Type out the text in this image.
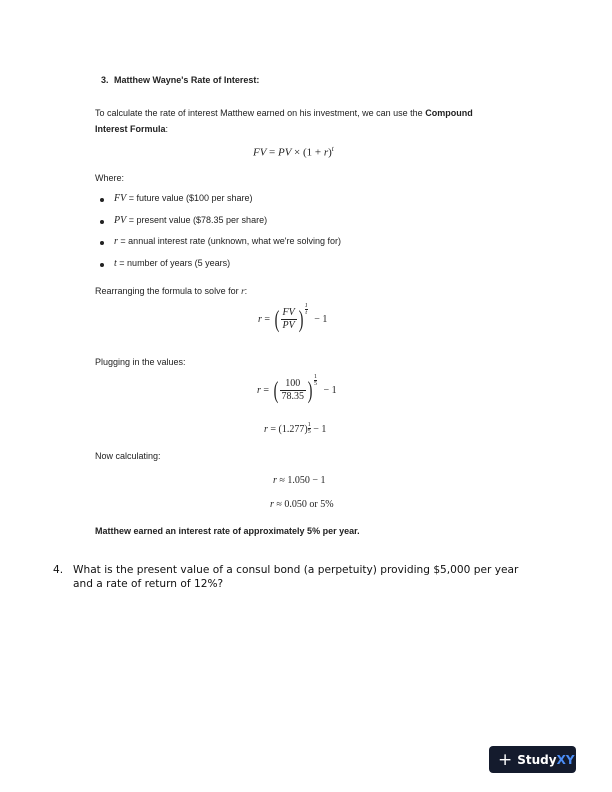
3. Matthew Wayne's Rate of Interest:
To calculate the rate of interest Matthew earned on his investment, we can use the Compound
Interest Formula:
FV = PV × $(1 + r)^t$
Where:
FV = future value ($100 per share)
PV = present value ($78.35 per share)
r = annual interest rate (unknown, what we're solving for)
t = number of years (5 years)
Rearranging the formula to solve for r:
r = ( $\frac{FV}{PV}$ ) $\frac{1}{t}$
− 1
Plugging in the values:
r = ( $\frac{100}{78.35}$ ) $\frac{1}{5}$
− 1
$r = (1.277) \frac{1}{5} - 1$
Now calculating:
r ≈ 1.050 − 1
r ≈ 0.050 or 5%
Matthew earned an interest rate of approximately 5% per year.
4. What is the present value of a consul bond (a perpetuity) providing $5,000 per year
and a rate of return of 12%?
+ Study XY
